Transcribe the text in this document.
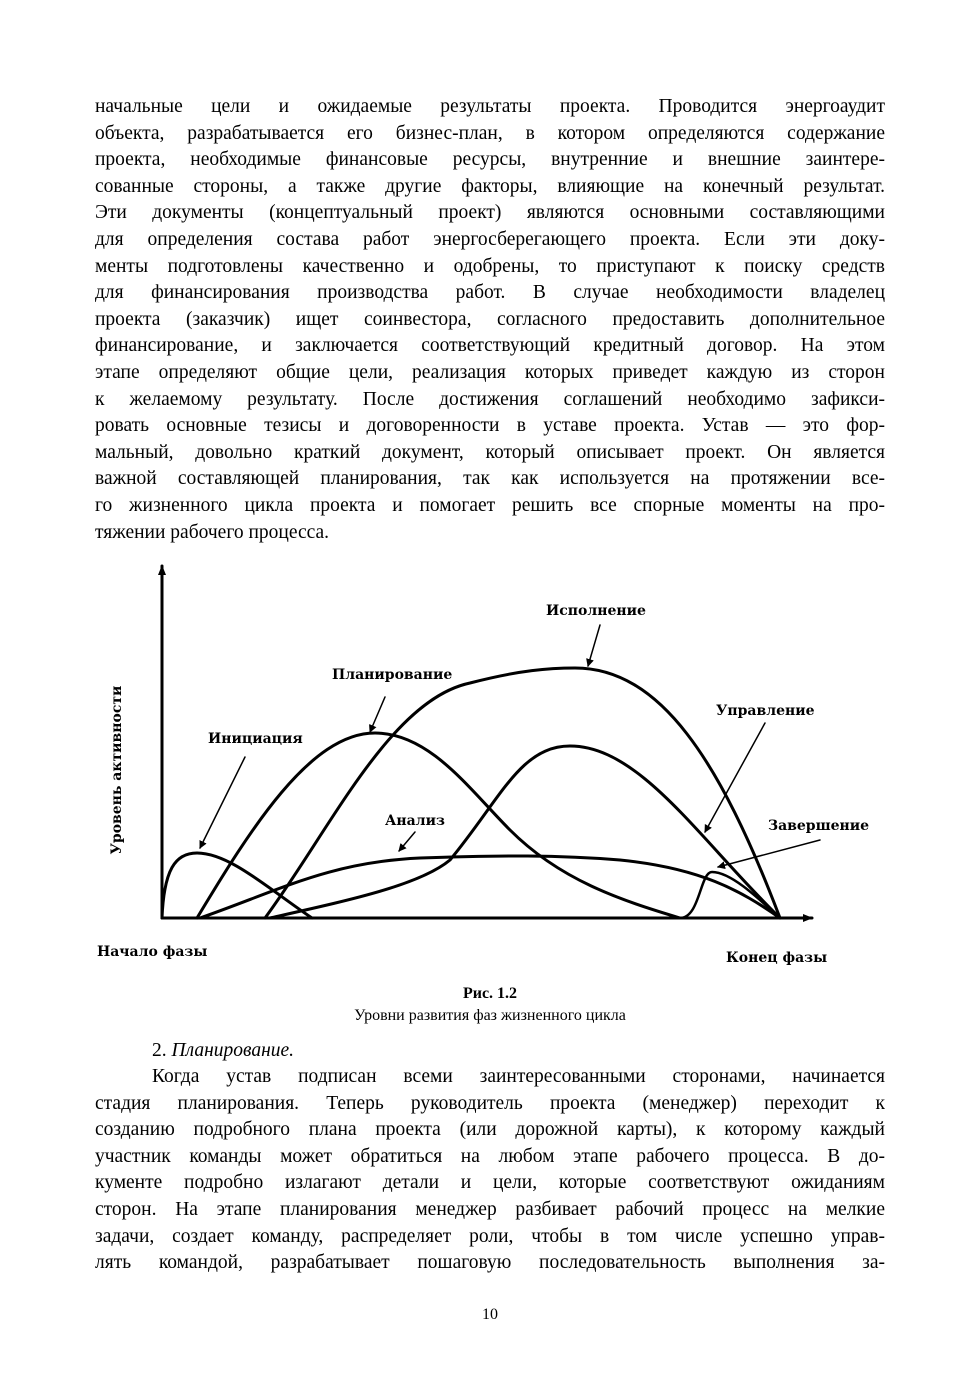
начальные цели и ожидаемые результаты проекта. Проводится энергоаудит
объекта, разрабатывается его бизнес-план, в котором определяются содержание
проекта, необходимые финансовые ресурсы, внутренние и внешние заинтере-
сованные стороны, а также другие факторы, влияющие на конечный результат.
Эти документы (концептуальный проект) являются основными составляющими
для определения состава работ энергосберегающего проекта. Если эти доку-
менты подготовлены качественно и одобрены, то приступают к поиску средств
для финансирования производства работ. В случае необходимости владелец
проекта (заказчик) ищет соинвестора, согласного предоставить дополнительное
финансирование, и заключается соответствующий кредитный договор. На этом
этапе определяют общие цели, реализация которых приведет каждую из сторон
к желаемому результату. После достижения соглашений необходимо зафикси-
ровать основные тезисы и договоренности в уставе проекта. Устав — это фор-
мальный, довольно краткий документ, который описывает проект. Он является
важной составляющей планирования, так как используется на протяжении все-
го жизненного цикла проекта и помогает решить все спорные моменты на про-
тяжении рабочего процесса.
Уровень активности
Исполнение
Планирование
Инициация
Управление
Анализ	Завершение
Начало фазы	Конец фазы
Рис. 1.2
Уровни развития фаз жизненного цикла
2. Планирование.
Когда устав подписан всеми заинтересованными сторонами, начинается
стадия планирования. Теперь руководитель проекта (менеджер) переходит к
созданию подробного плана проекта (или дорожной карты), к которому каждый
участник команды может обратиться на любом этапе рабочего процесса. В до-
кументе подробно излагают детали и цели, которые соответствуют ожиданиям
сторон. На этапе планирования менеджер разбивает рабочий процесс на мелкие
задачи, создает команду, распределяет роли, чтобы в том числе успешно управ-
лять командой, разрабатывает пошаговую последовательность выполнения за-
10
